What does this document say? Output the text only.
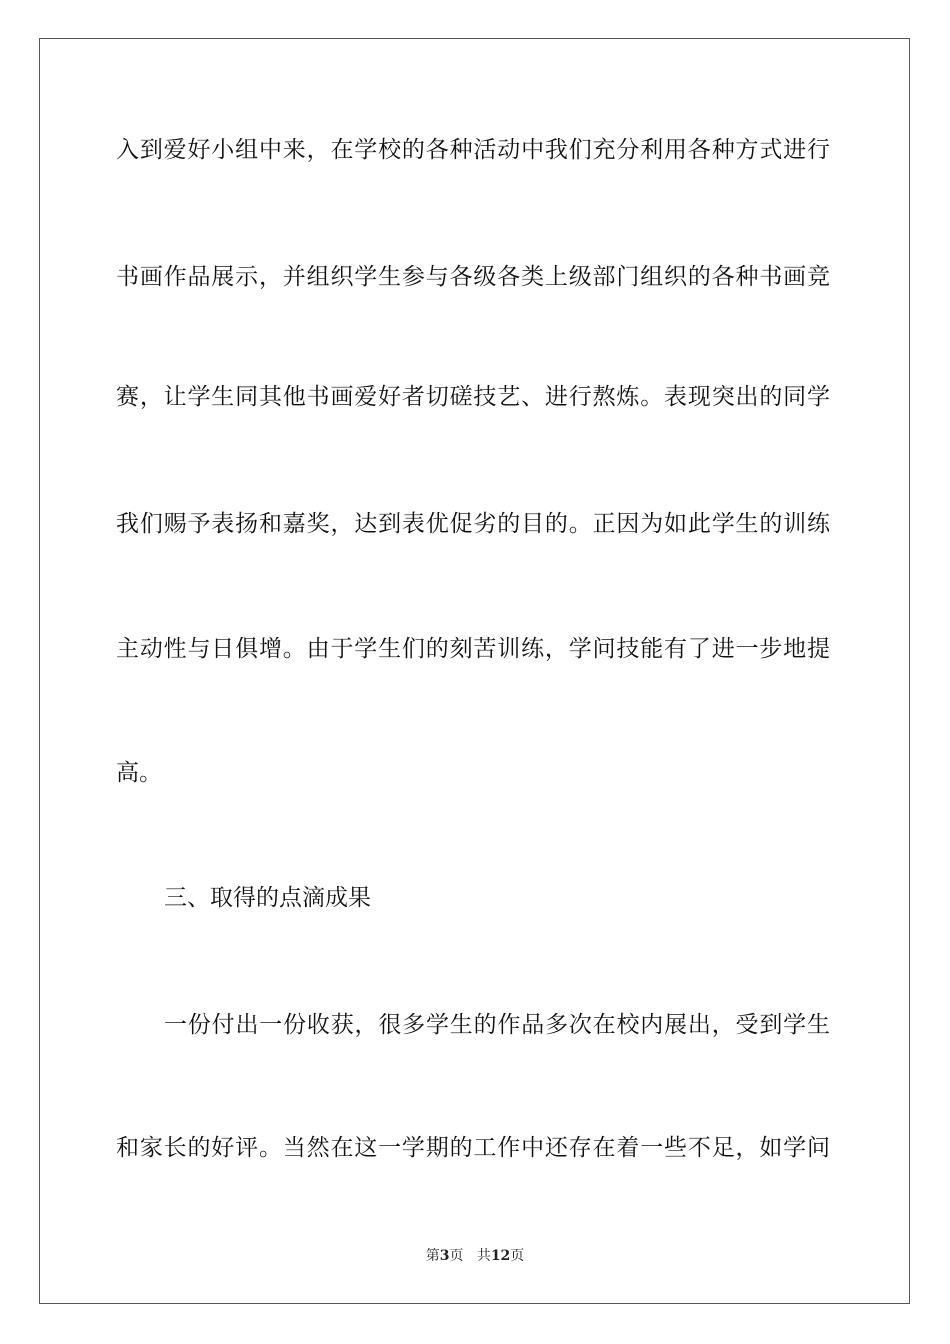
入到爱好小组中来，在学校的各种活动中我们充分利用各种方式进行
书画作品展示，并组织学生参与各级各类上级部门组织的各种书画竞
赛，让学生同其他书画爱好者切磋技艺、进行熬炼。表现突出的同学
我们赐予表扬和嘉奖，达到表优促劣的目的。正因为如此学生的训练
主动性与日俱增。由于学生们的刻苦训练，学问技能有了进一步地提
高。
三、取得的点滴成果
一份付出一份收获，很多学生的作品多次在校内展出，受到学生
和家长的好评。当然在这一学期的工作中还存在着一些不足，如学问
第3页 共12页
